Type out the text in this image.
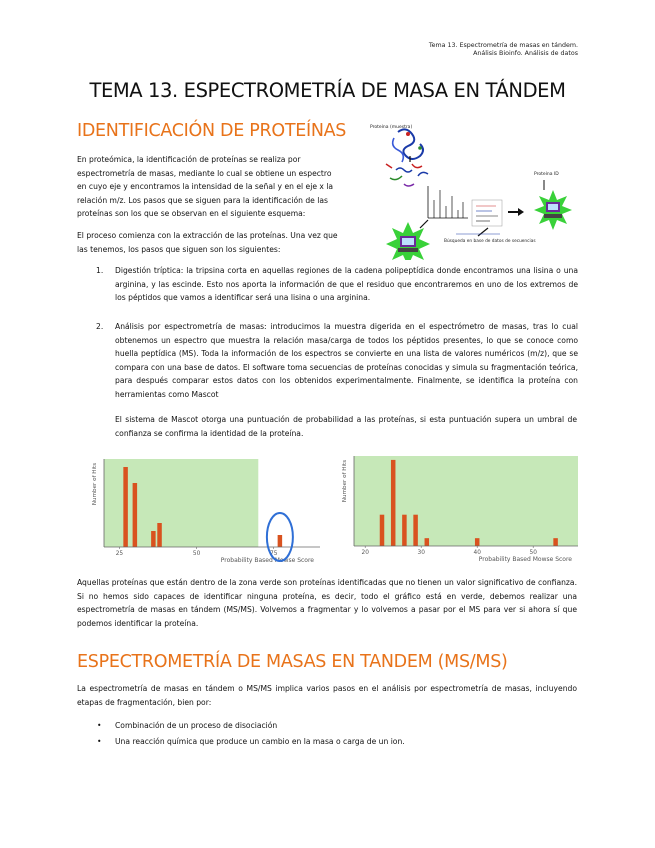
Tema 13. Espectrometría de masas en tándem.
Análisis Bioinfo. Análisis de datos
TEMA 13. ESPECTROMETRÍA DE MASA EN TÁNDEM
IDENTIFICACIÓN DE PROTEÍNAS
En proteómica, la identificación de proteínas se realiza por
espectrometría de masas, mediante lo cual se obtiene un espectro
en cuyo eje y encontramos la intensidad de la señal y en el eje x la
relación m/z. Los pasos que se siguen para la identificación de las
proteínas son los que se observan en el siguiente esquema:
El proceso comienza con la extracción de las proteínas. Una vez que
las tenemos, los pasos que siguen son los siguientes:
Proteína (muestra)
Proteína ID
Búsqueda en base de datos de secuencias
1. Digestión tríptica: la tripsina corta en aquellas regiones de la cadena polipeptídica donde encontramos una lisina o una arginina, y las escinde. Esto nos aporta la información de que el residuo que encontraremos en uno de los extremos de los péptidos que vamos a identificar será una lisina o una arginina.
2. Análisis por espectrometría de masas: introducimos la muestra digerida en el espectrómetro de masas, tras lo cual obtenemos un espectro que muestra la relación masa/carga de todos los péptidos presentes, lo que se conoce como huella peptídica (MS). Toda la información de los espectros se convierte en una lista de valores numéricos (m/z), que se compara con una base de datos. El software toma secuencias de proteínas conocidas y simula su fragmentación teórica, para después comparar estos datos con los obtenidos experimentalmente. Finalmente, se identifica la proteína con herramientas como Mascot
El sistema de Mascot otorga una puntuación de probabilidad a las proteínas, si esta puntuación supera un umbral de confianza se confirma la identidad de la proteína.
Number of Hits
Probability Based Mowse Score
25	50	75
Number of Hits
Probability Based Mowse Score
20	30	40	50
Aquellas proteínas que están dentro de la zona verde son proteínas identificadas que no tienen un valor significativo de confianza. Si no hemos sido capaces de identificar ninguna proteína, es decir, todo el gráfico está en verde, debemos realizar una espectrometría de masas en tándem (MS/MS). Volvemos a fragmentar y lo volvemos a pasar por el MS para ver si ahora sí que podemos identificar la proteína.
ESPECTROMETRÍA DE MASAS EN TANDEM (MS/MS)
La espectrometría de masas en tándem o MS/MS implica varios pasos en el análisis por espectrometría de masas, incluyendo etapas de fragmentación, bien por:
• Combinación de un proceso de disociación
• Una reacción química que produce un cambio en la masa o carga de un ion.
